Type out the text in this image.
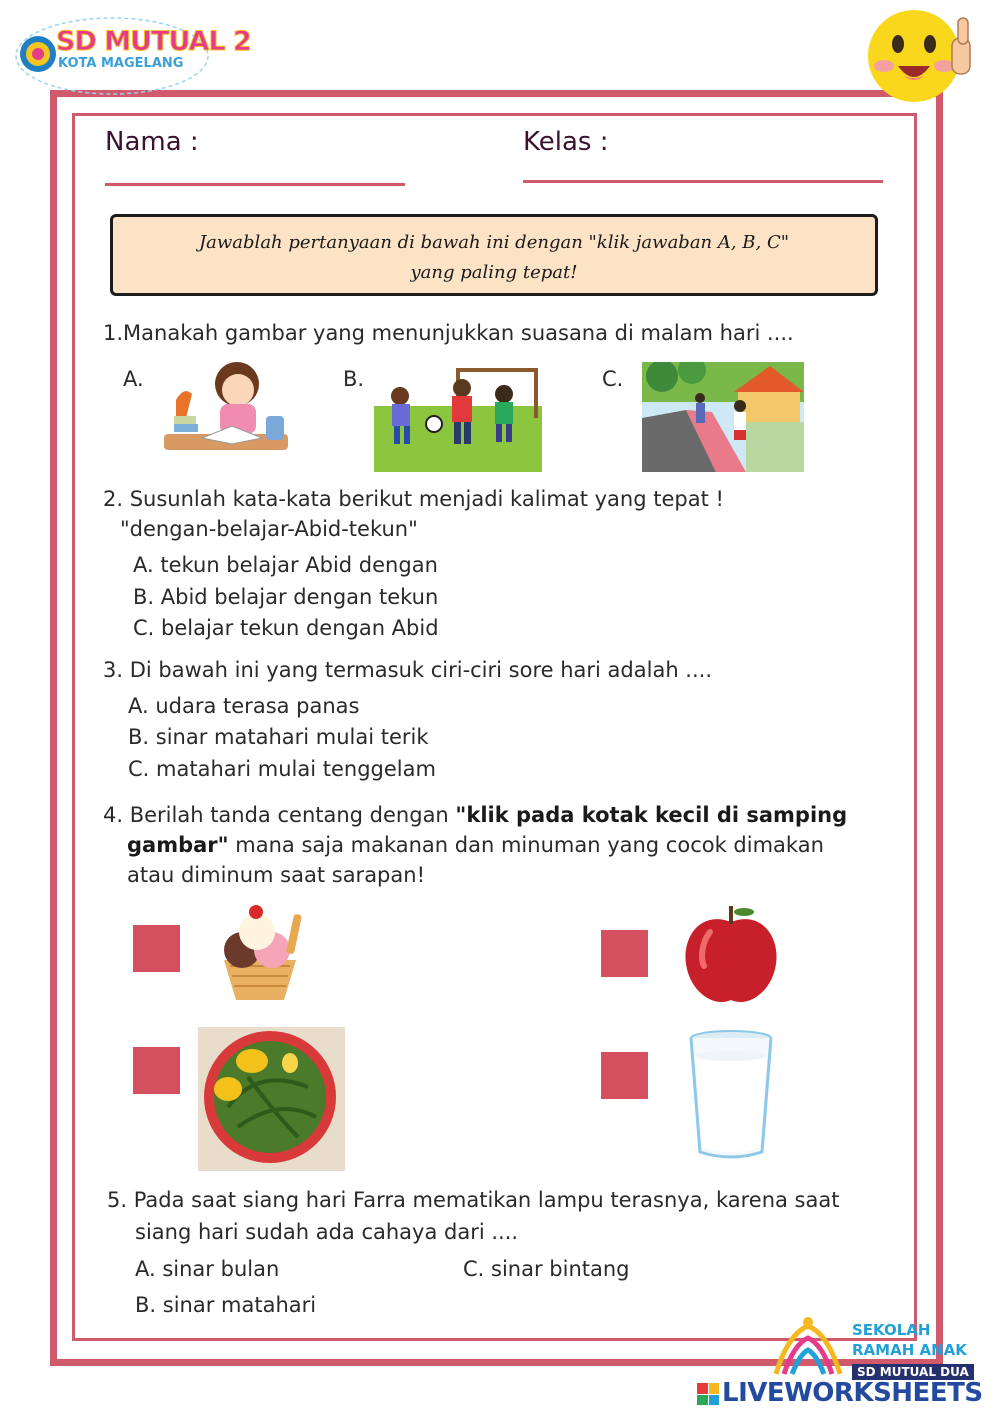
SD MUTUAL 2
KOTA MAGELANG
Nama :	Kelas :
Jawablah pertanyaan di bawah ini dengan "klik jawaban A, B, C"
yang paling tepat!
1.Manakah gambar yang menunjukkan suasana di malam hari ....
A.	B.	C.
2. Susunlah kata-kata berikut menjadi kalimat yang tepat !
"dengan-belajar-Abid-tekun"
A. tekun belajar Abid dengan
B. Abid belajar dengan tekun
C. belajar tekun dengan Abid
3. Di bawah ini yang termasuk ciri-ciri sore hari adalah ....
A. udara terasa panas
B. sinar matahari mulai terik
C. matahari mulai tenggelam
4. Berilah tanda centang dengan "klik pada kotak kecil di samping
gambar" mana saja makanan dan minuman yang cocok dimakan
atau diminum saat sarapan!
5. Pada saat siang hari Farra mematikan lampu terasnya, karena saat
siang hari sudah ada cahaya dari ....
A. sinar bulan	C. sinar bintang
B. sinar matahari
SEKOLAH
RAMAH ANAK
SD MUTUAL DUA
LIVEWORKSHEETS
